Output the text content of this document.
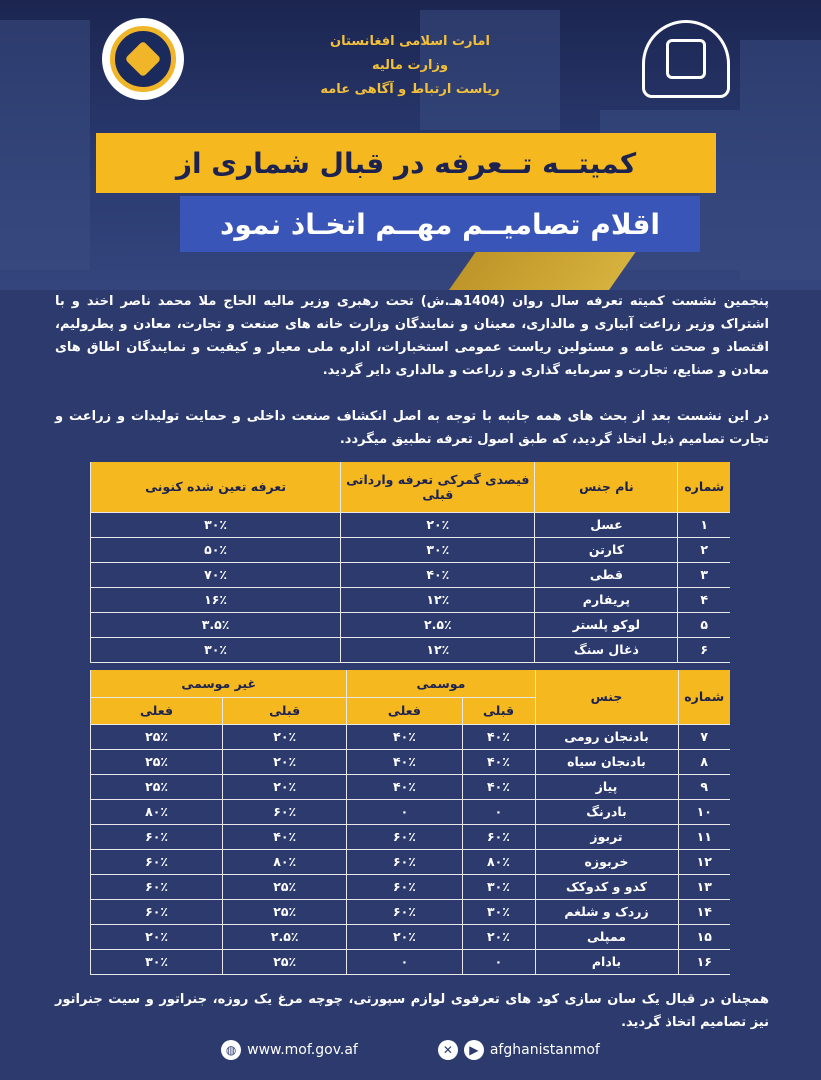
امارت اسلامی افغانستان
وزارت مالیه
ریاست ارتباط و آگاهی عامه
کمیتــه تــعرفه در قبال شماری از
اقلام تصامیــم مهــم اتخـاذ نمود
پنجمین نشست کمیته تعرفه سال روان (1404هـ.ش) تحت رهبری وزیر مالیه الحاج ملا محمد ناصر اخند و با اشتراک وزیر زراعت آبیاری و مالداری، معینان و نمایندگان وزارت خانه های صنعت و تجارت، معادن و پطرولیم، اقتصاد و صحت عامه و مسئولین ریاست عمومی استخبارات، اداره ملی معیار و کیفیت و نمایندگان اطاق های معادن و صنایع، تجارت و سرمایه گذاری و زراعت و مالداری دایر گردید.
در این نشست بعد از بحث های همه جانبه با توجه به اصل انکشاف صنعت داخلی و حمایت تولیدات و زراعت و تجارت تصامیم ذیل اتخاذ گردید، که طبق اصول تعرفه تطبیق میگردد.
شماره	نام جنس	فیصدی گمرکی تعرفه وارداتی قبلی	تعرفه تعین شده کنونی
۱	عسل	۲۰٪	۳۰٪
۲	کارتن	۳۰٪	۵۰٪
۳	قطی	۴۰٪	۷۰٪
۴	پریفارم	۱۲٪	۱۶٪
۵	لوکو پلستر	۲.۵٪	۳.۵٪
۶	ذغال سنگ	۱۲٪	۳۰٪
شماره	جنس	موسمی		غیر موسمی	
		قبلی	فعلی	قبلی	فعلی
۷	بادنجان رومی	۴۰٪	۴۰٪	۲۰٪	۲۵٪
۸	بادنجان سیاه	۴۰٪	۴۰٪	۲۰٪	۲۵٪
۹	پیاز	۴۰٪	۴۰٪	۲۰٪	۲۵٪
۱۰	بادرنگ	۰	۰	۶۰٪	۸۰٪
۱۱	تربوز	۶۰٪	۶۰٪	۴۰٪	۶۰٪
۱۲	خربوزه	۸۰٪	۶۰٪	۸۰٪	۶۰٪
۱۳	کدو و کدوکک	۳۰٪	۶۰٪	۲۵٪	۶۰٪
۱۴	زردک و شلغم	۳۰٪	۶۰٪	۲۵٪	۶۰٪
۱۵	ممپلی	۲۰٪	۲۰٪	۲.۵٪	۲۰٪
۱۶	بادام	۰	۰	۲۵٪	۳۰٪
همچنان در قبال یک سان سازی کود های تعرفوی لوازم سپورتی، چوچه مرغ یک روزه، جنراتور و سیت جنراتور نیز تصامیم اتخاذ گردید.
◍ www.mof.gov.af	✕	▶ afghanistanmof
